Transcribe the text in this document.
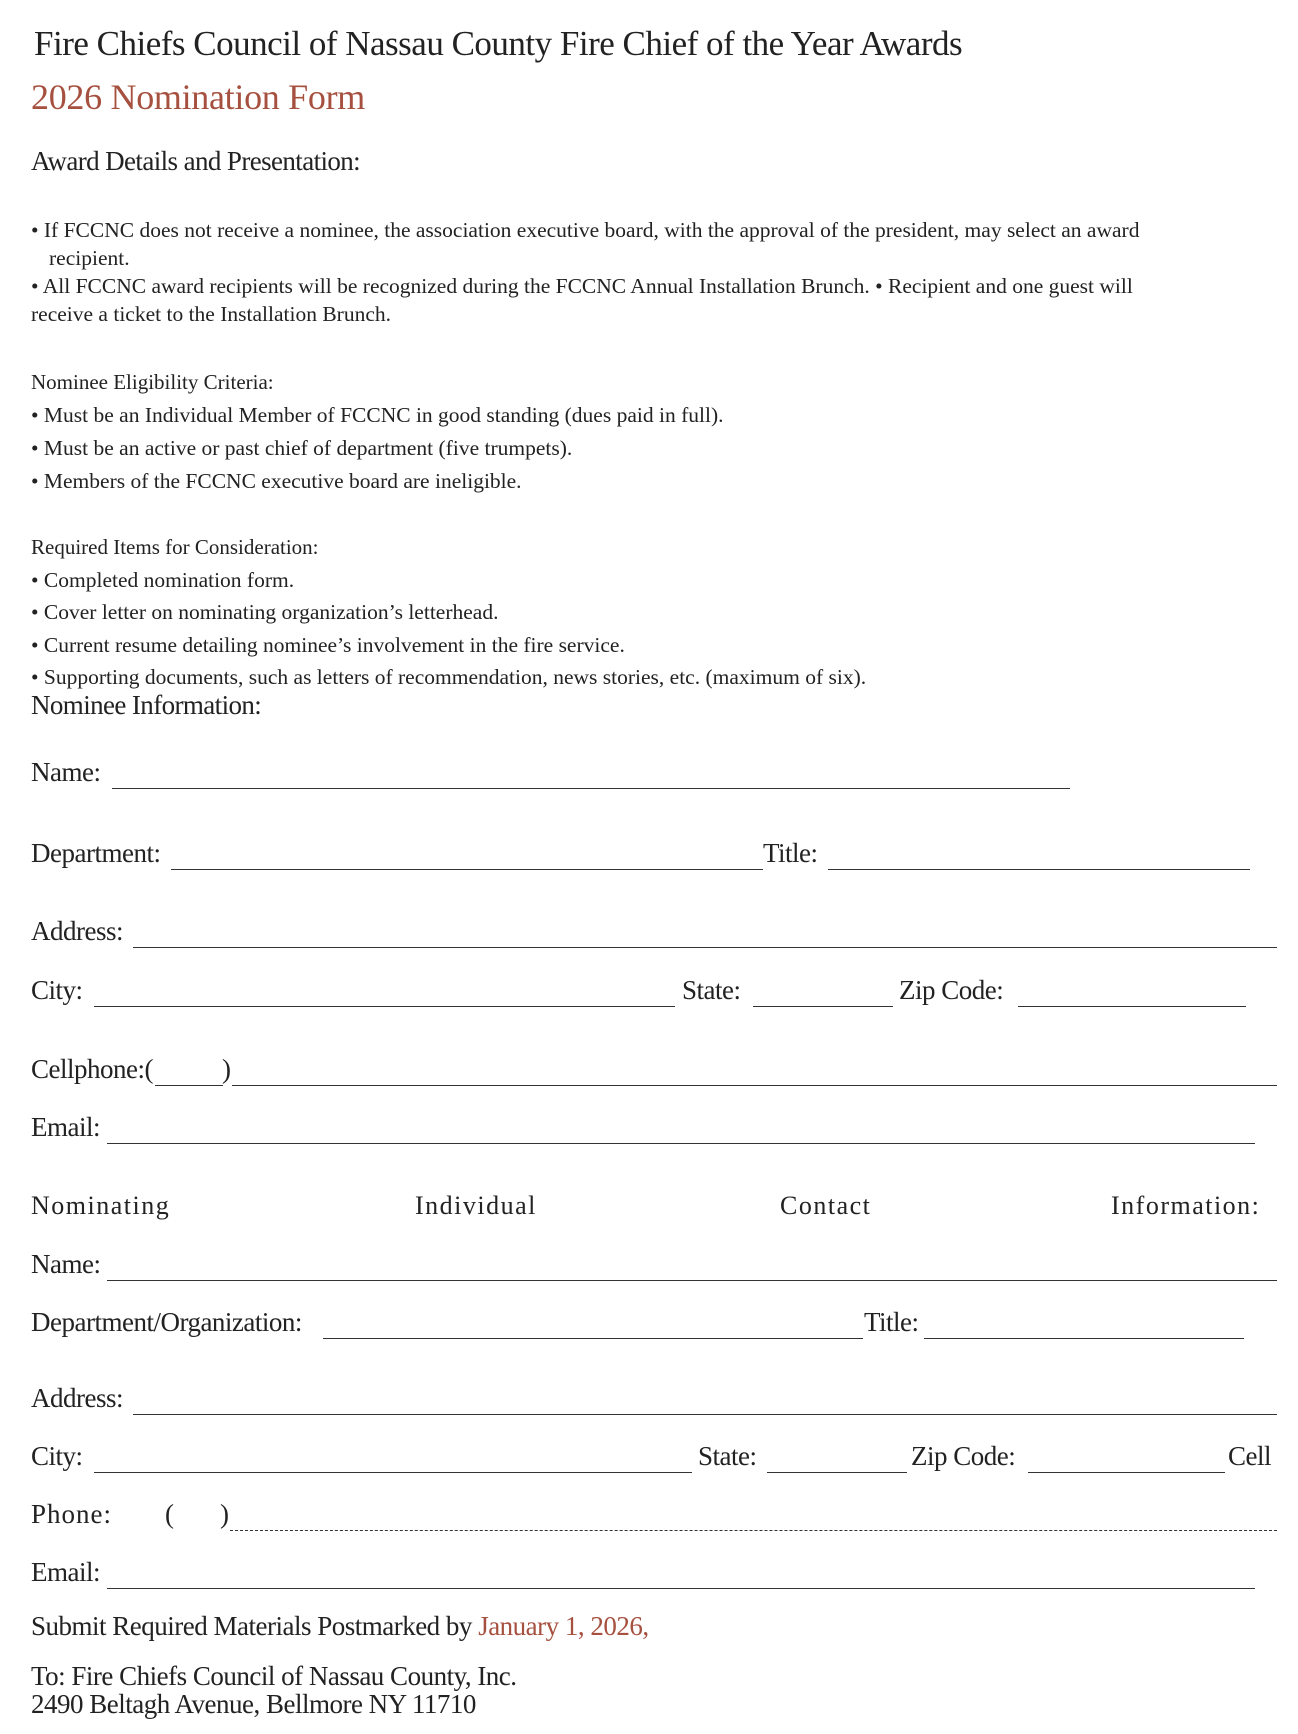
Fire Chiefs Council of Nassau County Fire Chief of the Year Awards
2026 Nomination Form
Award Details and Presentation:
• If FCCNC does not receive a nominee, the association executive board, with the approval of the president, may select an award
recipient.
• All FCCNC award recipients will be recognized during the FCCNC Annual Installation Brunch. • Recipient and one guest will
receive a ticket to the Installation Brunch.
Nominee Eligibility Criteria:
• Must be an Individual Member of FCCNC in good standing (dues paid in full).
• Must be an active or past chief of department (five trumpets).
• Members of the FCCNC executive board are ineligible.
Required Items for Consideration:
• Completed nomination form.
• Cover letter on nominating organization’s letterhead.
• Current resume detailing nominee’s involvement in the fire service.
• Supporting documents, such as letters of recommendation, news stories, etc. (maximum of six).
Nominee Information:
Name:
Department:	Title:
Address:
City:	State:	Zip Code:
Cellphone:(	)
Email:
Nominating	Individual	Contact	Information:
Name:
Department/Organization:	Title:
Address:
City:	State:	Zip Code:	Cell
Phone: ( )
Email:
Submit Required Materials Postmarked by January 1, 2026,
To: Fire Chiefs Council of Nassau County, Inc.
2490 Beltagh Avenue, Bellmore NY 11710
